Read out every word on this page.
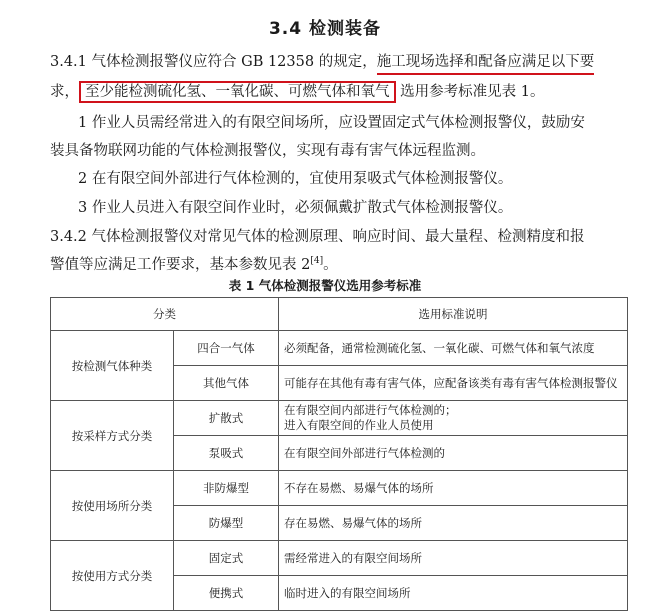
3.4 检测装备
3.4.1 气体检测报警仪应符合 GB 12358 的规定，施工现场选择和配备应满足以下要
求， 至少能检测硫化氢、一氧化碳、可燃气体和氧气 选用参考标准见表 1。
1 作业人员需经常进入的有限空间场所，应设置固定式气体检测报警仪，鼓励安
装具备物联网功能的气体检测报警仪，实现有毒有害气体远程监测。
2 在有限空间外部进行气体检测的，宜使用泵吸式气体检测报警仪。
3 作业人员进入有限空间作业时，必须佩戴扩散式气体检测报警仪。
3.4.2 气体检测报警仪对常见气体的检测原理、响应时间、最大量程、检测精度和报
警值等应满足工作要求，基本参数见表 2[4]。
表 1 气体检测报警仪选用参考标准
分类		选用标准说明
按检测气体种类	四合一气体	必须配备，通常检测硫化氢、一氧化碳、可燃气体和氧气浓度
	其他气体	可能存在其他有毒有害气体，应配备该类有毒有害气体检测报警仪
按采样方式分类	扩散式	在有限空间内部进行气体检测的；
进入有限空间的作业人员使用
	泵吸式	在有限空间外部进行气体检测的
按使用场所分类	非防爆型	不存在易燃、易爆气体的场所
	防爆型	存在易燃、易爆气体的场所
按使用方式分类	固定式	需经常进入的有限空间场所
	便携式	临时进入的有限空间场所
